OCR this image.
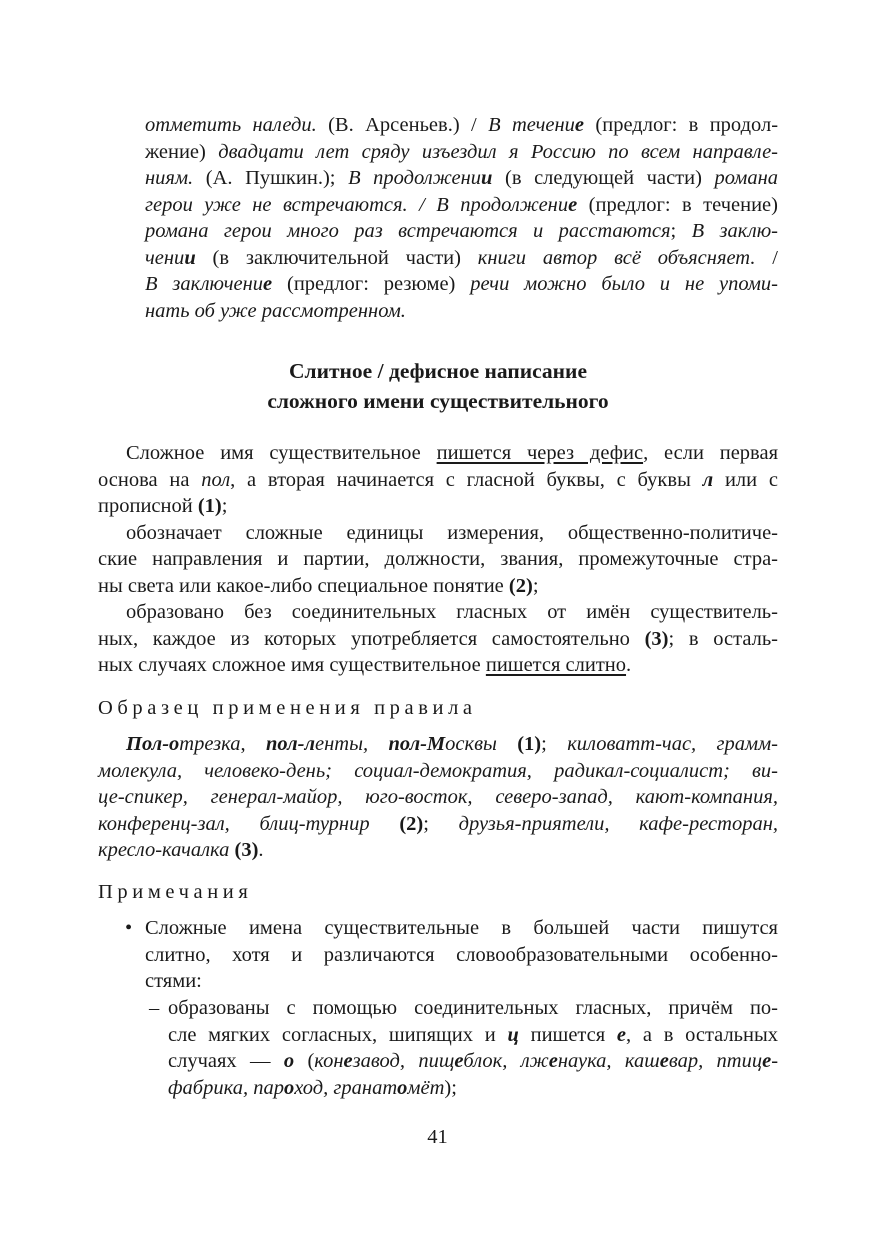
отметить наледи. (В. Арсеньев.) / В течение (предлог: в продол-
жение) двадцати лет сряду изъездил я Россию по всем направле-
ниям. (А. Пушкин.); В продолжении (в следующей части) романа
герои уже не встречаются. / В продолжение (предлог: в течение)
романа герои много раз встречаются и расстаются; В заклю-
чении (в заключительной части) книги автор всё объясняет. /
В заключение (предлог: резюме) речи можно было и не упоми-
нать об уже рассмотренном.
Слитное / дефисное написание
сложного имени существительного
Сложное имя существительное пишется через дефис, если первая
основа на пол, а вторая начинается с гласной буквы, с буквы л или с
прописной (1);
обозначает сложные единицы измерения, общественно-политиче-
ские направления и партии, должности, звания, промежуточные стра-
ны света или какое-либо специальное понятие (2);
образовано без соединительных гласных от имён существитель-
ных, каждое из которых употребляется самостоятельно (3); в осталь-
ных случаях сложное имя существительное пишется слитно.
Образец применения правила
Пол-отрезка, пол-ленты, пол-Москвы (1); киловатт-час, грамм-
молекула, человеко-день; социал-демократия, радикал-социалист; ви-
це-спикер, генерал-майор, юго-восток, северо-запад, кают-компания,
конференц-зал, блиц-турнир (2); друзья-приятели, кафе-ресторан,
кресло-качалка (3).
Примечания
• Сложные имена существительные в большей части пишутся
слитно, хотя и различаются словообразовательными особенно-
стями:
– образованы с помощью соединительных гласных, причём по-
сле мягких согласных, шипящих и ц пишется е, а в остальных
случаях — о (конезавод, пищеблок, лженаука, кашевар, птице-
фабрика, пароход, гранатомёт);
41
